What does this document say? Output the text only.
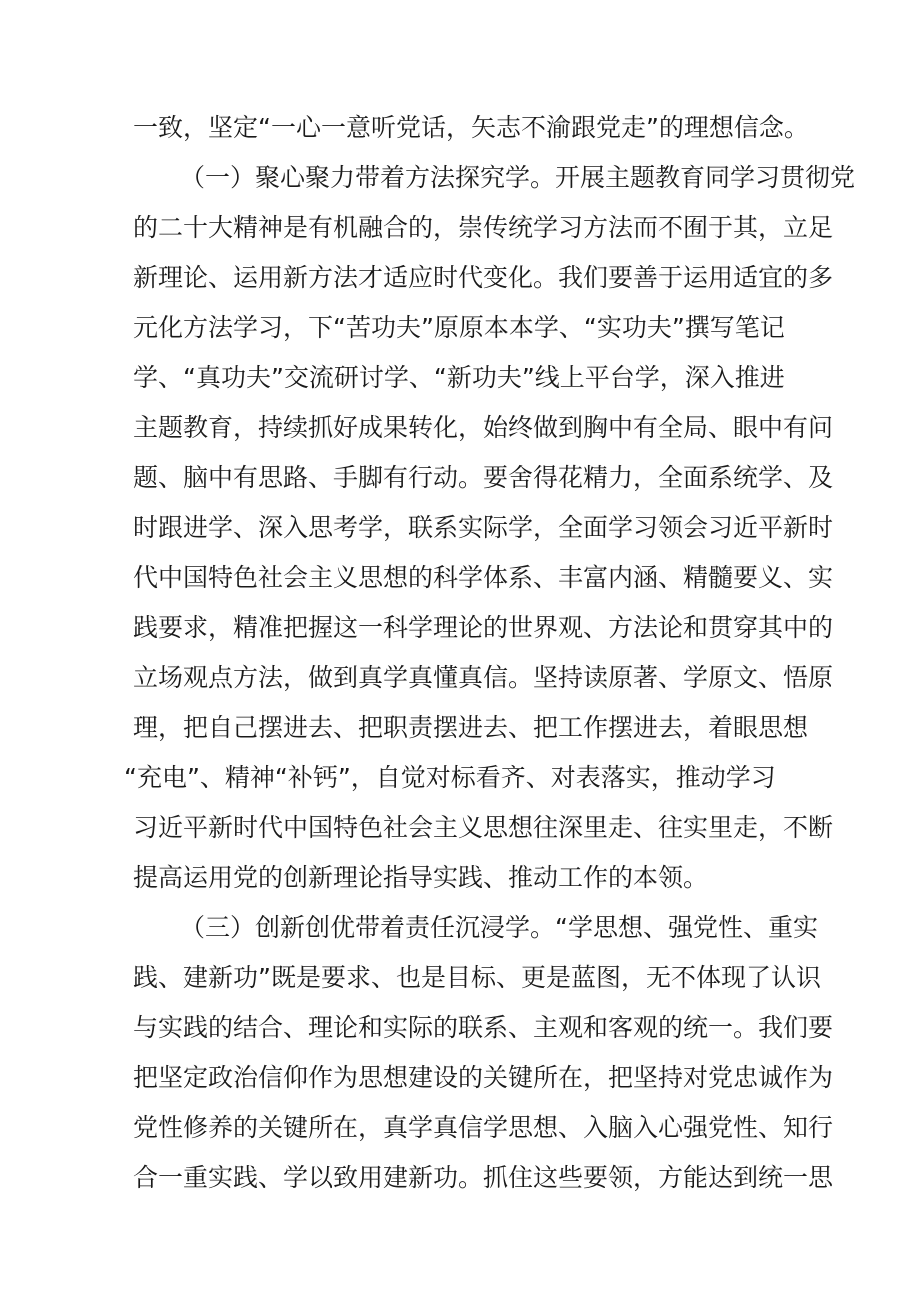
一致，坚定“一心一意听党话，矢志不渝跟党走”的理想信念。
（一）聚心聚力带着方法探究学。开展主题教育同学习贯彻党
的二十大精神是有机融合的，崇传统学习方法而不囿于其，立足
新理论、运用新方法才适应时代变化。我们要善于运用适宜的多
元化方法学习，下“苦功夫”原原本本学、“实功夫”撰写笔记
学、“真功夫”交流研讨学、“新功夫”线上平台学，深入推进
主题教育，持续抓好成果转化，始终做到胸中有全局、眼中有问
题、脑中有思路、手脚有行动。要舍得花精力，全面系统学、及
时跟进学、深入思考学，联系实际学，全面学习领会习近平新时
代中国特色社会主义思想的科学体系、丰富内涵、精髓要义、实
践要求，精准把握这一科学理论的世界观、方法论和贯穿其中的
立场观点方法，做到真学真懂真信。坚持读原著、学原文、悟原
理，把自己摆进去、把职责摆进去、把工作摆进去，着眼思想
“充电”、精神“补钙”，自觉对标看齐、对表落实，推动学习
习近平新时代中国特色社会主义思想往深里走、往实里走，不断
提高运用党的创新理论指导实践、推动工作的本领。
（三）创新创优带着责任沉浸学。“学思想、强党性、重实
践、建新功”既是要求、也是目标、更是蓝图，无不体现了认识
与实践的结合、理论和实际的联系、主观和客观的统一。我们要
把坚定政治信仰作为思想建设的关键所在，把坚持对党忠诚作为
党性修养的关键所在，真学真信学思想、入脑入心强党性、知行
合一重实践、学以致用建新功。抓住这些要领，方能达到统一思
